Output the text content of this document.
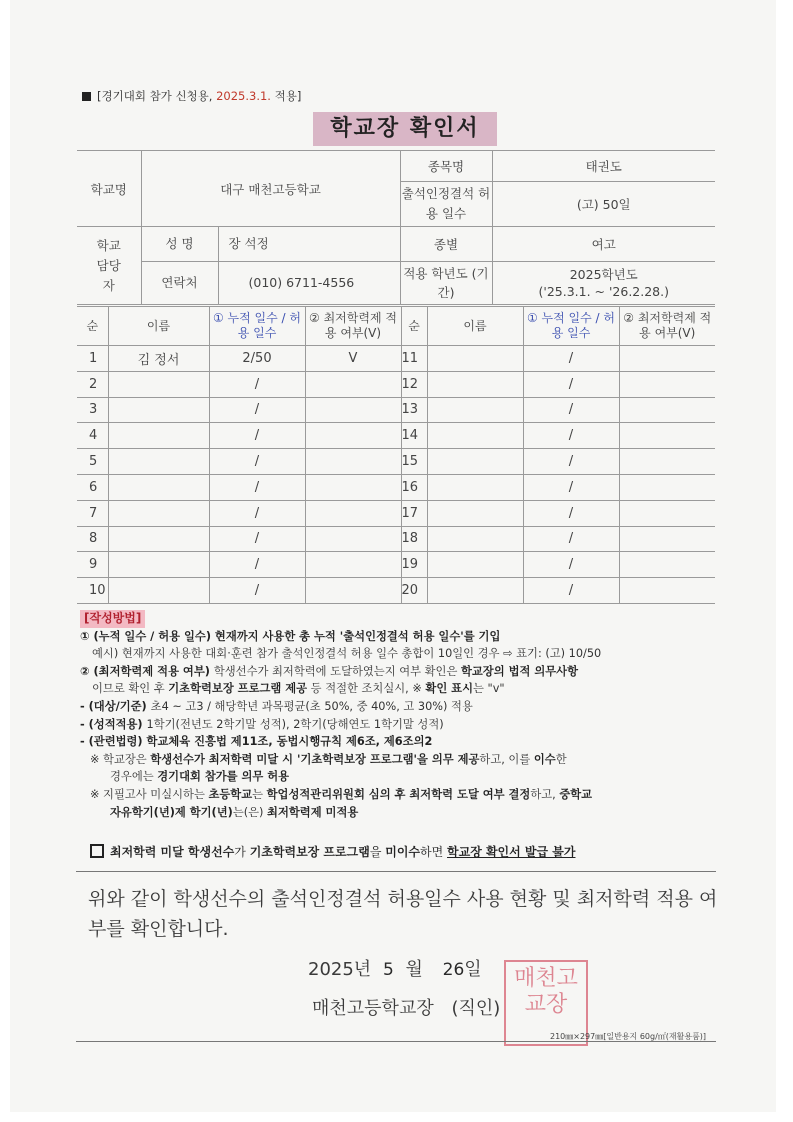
[경기대회 참가 신청용, 2025.3.1. 적용]
학교장 확인서
학교명	대구 매천고등학교	종목명	태권도
		출석인정결석 허용 일수	(고) 50일
학교 담당자	성 명 장 석정	종별	여고
	연락처 (010) 6711-4556	적용 학년도 (기간)	2025학년도
('25.3.1. ~ '26.2.28.)
순	이름	① 누적 일수 / 허용 일수	② 최저학력제 적용 여부(V)	순	이름	① 누적 일수 / 허용 일수	② 최저학력제 적용 여부(V)
1	김 정서	2/50	V	11		/	
2		/		12		/	
3		/		13		/	
4		/		14		/	
5		/		15		/	
6		/		16		/	
7		/		17		/	
8		/		18		/	
9		/		19		/	
10		/		20		/	
[작성방법]
① (누적 일수 / 허용 일수) 현재까지 사용한 총 누적 '출석인정결석 허용 일수'를 기입
예시) 현재까지 사용한 대회·훈련 참가 출석인정결석 허용 일수 총합이 10일인 경우 ⇨ 표기: (고) 10/50
② (최저학력제 적용 여부) 학생선수가 최저학력에 도달하였는지 여부 확인은 학교장의 법적 의무사항
이므로 확인 후 기초학력보장 프로그램 제공 등 적절한 조치실시, ※ 확인 표시는 "v"
- (대상/기준) 초4 ~ 고3 / 해당학년 과목평균(초 50%, 중 40%, 고 30%) 적용
- (성적적용) 1학기(전년도 2학기말 성적), 2학기(당해연도 1학기말 성적)
- (관련법령) 학교체육 진흥법 제11조, 동법시행규칙 제6조, 제6조의2
※ 학교장은 학생선수가 최저학력 미달 시 '기초학력보장 프로그램'을 의무 제공하고, 이를 이수한
경우에는 경기대회 참가를 의무 허용
※ 지필고사 미실시하는 초등학교는 학업성적관리위원회 심의 후 최저학력 도달 여부 결정하고, 중학교
자유학기(년)제 학기(년)는(은) 최저학력제 미적용
최저학력 미달 학생선수가 기초학력보장 프로그램을 미이수하면 학교장 확인서 발급 불가
위와 같이 학생선수의 출석인정결석 허용일수 사용 현황 및 최저학력 적용 여부를 확인합니다.
2025년 5 월 26일	매천고교장
매천고등학교장 (직인)
210㎜×297㎜[일반용지 60g/㎡(재활용품)]
